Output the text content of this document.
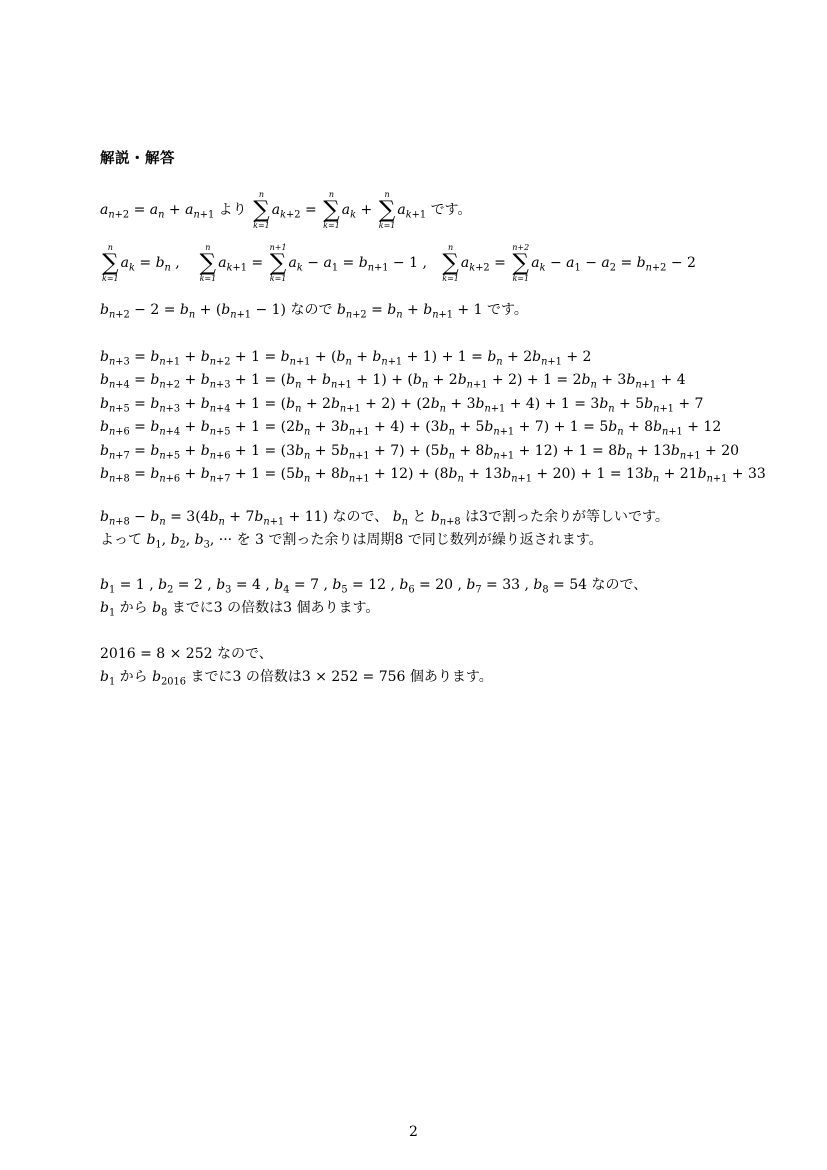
解説・解答
$a_{n+2} = a_n + a_{n+1}$ より
n
∑
k=1
$a_{k+2}$ =
n
∑
k=1
$a_k$ +
n
∑
k=1
$a_{k+1}$ です。
n
∑
k=1
$a_k = b_n$ ,
n
∑
k=1
$a_{k+1}$ =
n+1
∑
k=1
$a_k - a_1 = b_{n+1} - 1$ ,
n
∑
k=1
$a_{k+2}$ =
n+2
∑
k=1
$a_k - a_1 - a_2 = b_{n+2} - 2$
$b_{n+2} - 2 = b_n + (b_{n+1} - 1)$ なので $b_{n+2} = b_n + b_{n+1} + 1$ です。
$b_{n+3} = b_{n+1} + b_{n+2} + 1 = b_{n+1} + (b_n + b_{n+1} + 1) + 1 = b_n + 2b_{n+1} + 2$
$b_{n+4} = b_{n+2} + b_{n+3} + 1 = (b_n + b_{n+1} + 1) + (b_n + 2b_{n+1} + 2) + 1 = 2b_n + 3b_{n+1} + 4$
$b_{n+5} = b_{n+3} + b_{n+4} + 1 = (b_n + 2b_{n+1} + 2) + (2b_n + 3b_{n+1} + 4) + 1 = 3b_n + 5b_{n+1} + 7$
$b_{n+6} = b_{n+4} + b_{n+5} + 1 = (2b_n + 3b_{n+1} + 4) + (3b_n + 5b_{n+1} + 7) + 1 = 5b_n + 8b_{n+1} + 12$
$b_{n+7} = b_{n+5} + b_{n+6} + 1 = (3b_n + 5b_{n+1} + 7) + (5b_n + 8b_{n+1} + 12) + 1 = 8b_n + 13b_{n+1} + 20$
$b_{n+8} = b_{n+6} + b_{n+7} + 1 = (5b_n + 8b_{n+1} + 12) + (8b_n + 13b_{n+1} + 20) + 1 = 13b_n + 21b_{n+1} + 33$
$b_{n+8} - b_n = 3(4b_n + 7b_{n+1} + 11)$ なので、 $b_n$ と $b_{n+8}$ は3で割った余りが等しいです。
よって $b_1$, $b_2$, $b_3$, ··· を 3 で割った余りは周期8 で同じ数列が繰り返されます。
$b_1 = 1$ , $b_2 = 2$ , $b_3 = 4$ , $b_4 = 7$ , $b_5 = 12$ , $b_6 = 20$ , $b_7 = 33$ , $b_8 = 54$ なので、
$b_1$ から $b_8$ までに3 の倍数は3 個あります。
2016 = 8 × 252 なので、
$b_1$ から $b_{2016}$ までに3 の倍数は3 × 252 = 756 個あります。
2
